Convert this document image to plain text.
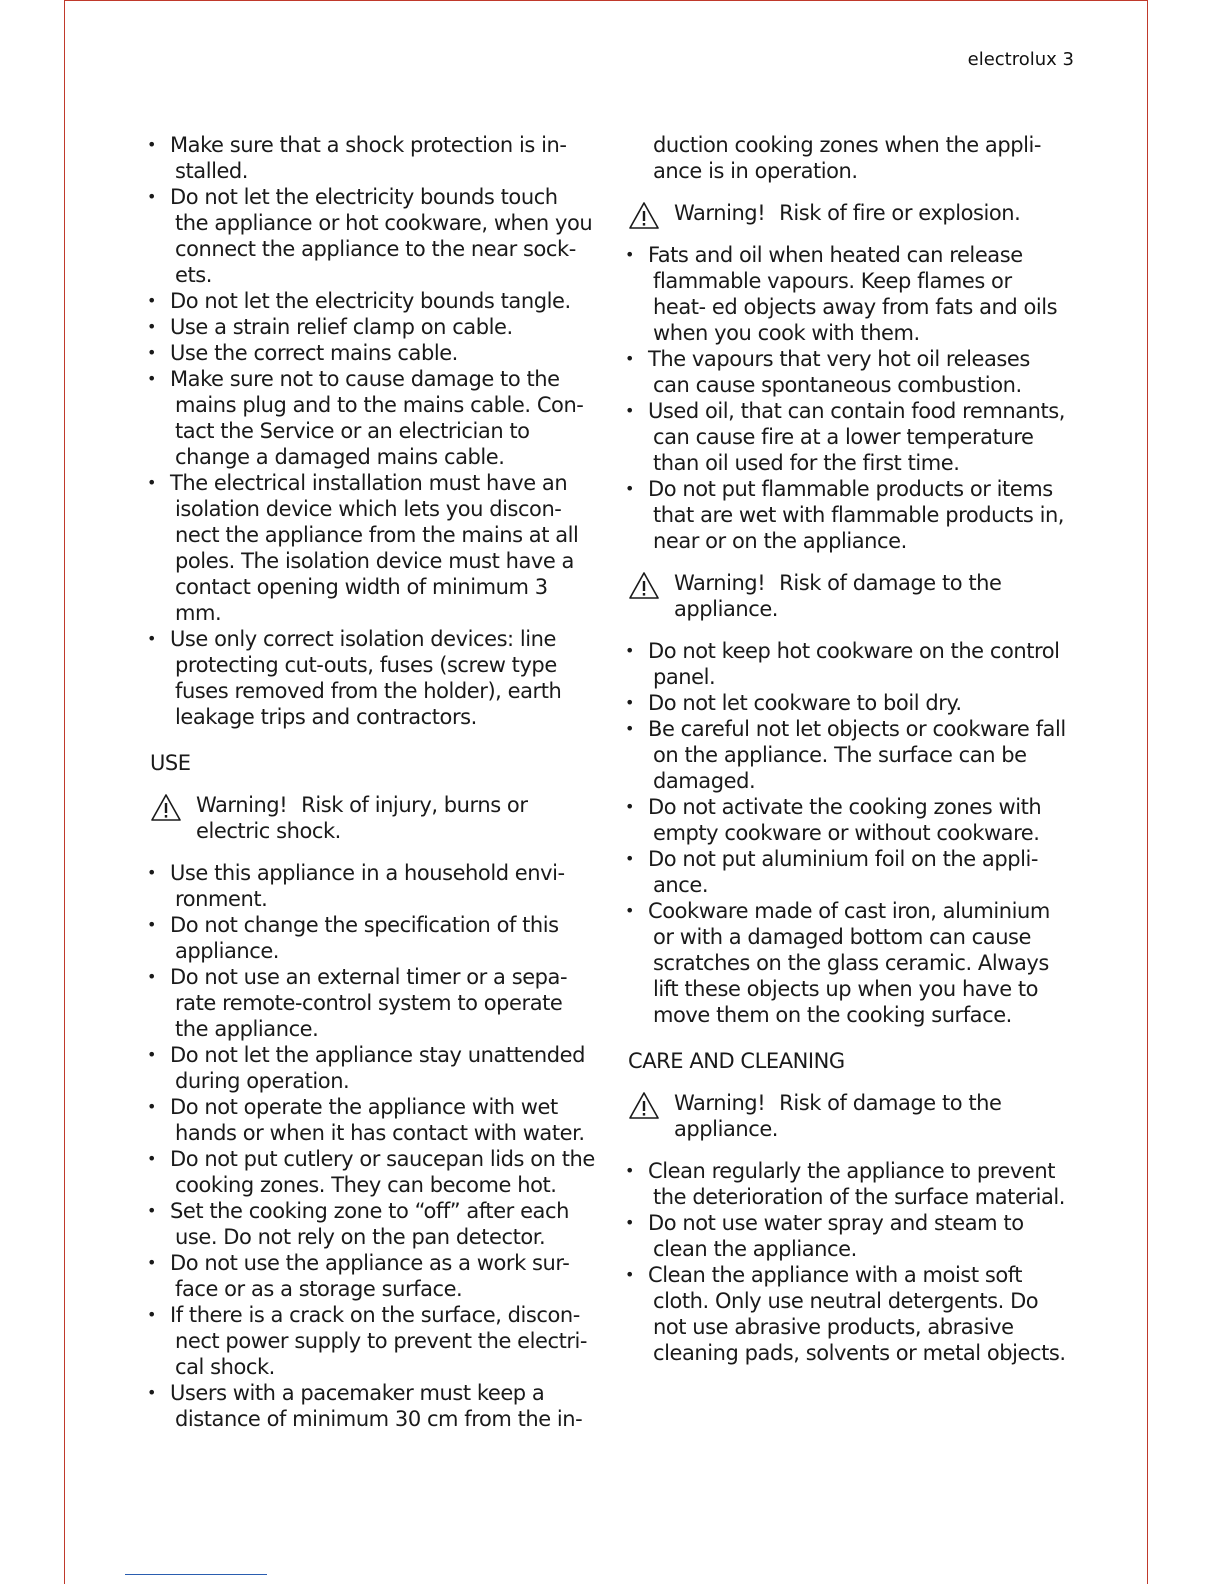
electrolux 3
• Make sure that a shock protection is in- stalled.
• Do not let the electricity bounds touch the appliance or hot cookware, when you connect the appliance to the near sock- ets.
• Do not let the electricity bounds tangle.
• Use a strain relief clamp on cable.
• Use the correct mains cable.
• Make sure not to cause damage to the mains plug and to the mains cable. Con- tact the Service or an electrician to change a damaged mains cable.
• The electrical installation must have an isolation device which lets you discon- nect the appliance from the mains at all poles. The isolation device must have a contact opening width of minimum 3 mm.
• Use only correct isolation devices: line protecting cut-outs, fuses (screw type fuses removed from the holder), earth leakage trips and contractors.
USE
Warning! Risk of injury, burns or electric shock.
• Use this appliance in a household envi- ronment.
• Do not change the specification of this appliance.
• Do not use an external timer or a sepa- rate remote-control system to operate the appliance.
• Do not let the appliance stay unattended during operation.
• Do not operate the appliance with wet hands or when it has contact with water.
• Do not put cutlery or saucepan lids on the cooking zones. They can become hot.
• Set the cooking zone to “off” after each use. Do not rely on the pan detector.
• Do not use the appliance as a work sur- face or as a storage surface.
• If there is a crack on the surface, discon- nect power supply to prevent the electri- cal shock.
• Users with a pacemaker must keep a distance of minimum 30 cm from the in-
duction cooking zones when the appli- ance is in operation.
Warning! Risk of fire or explosion.
• Fats and oil when heated can release flammable vapours. Keep flames or heat- ed objects away from fats and oils when you cook with them.
• The vapours that very hot oil releases can cause spontaneous combustion.
• Used oil, that can contain food remnants, can cause fire at a lower temperature than oil used for the first time.
• Do not put flammable products or items that are wet with flammable products in, near or on the appliance.
Warning! Risk of damage to the appliance.
• Do not keep hot cookware on the control panel.
• Do not let cookware to boil dry.
• Be careful not let objects or cookware fall on the appliance. The surface can be damaged.
• Do not activate the cooking zones with empty cookware or without cookware.
• Do not put aluminium foil on the appli- ance.
• Cookware made of cast iron, aluminium or with a damaged bottom can cause scratches on the glass ceramic. Always lift these objects up when you have to move them on the cooking surface.
CARE AND CLEANING
Warning! Risk of damage to the appliance.
• Clean regularly the appliance to prevent the deterioration of the surface material.
• Do not use water spray and steam to clean the appliance.
• Clean the appliance with a moist soft cloth. Only use neutral detergents. Do not use abrasive products, abrasive cleaning pads, solvents or metal objects.
